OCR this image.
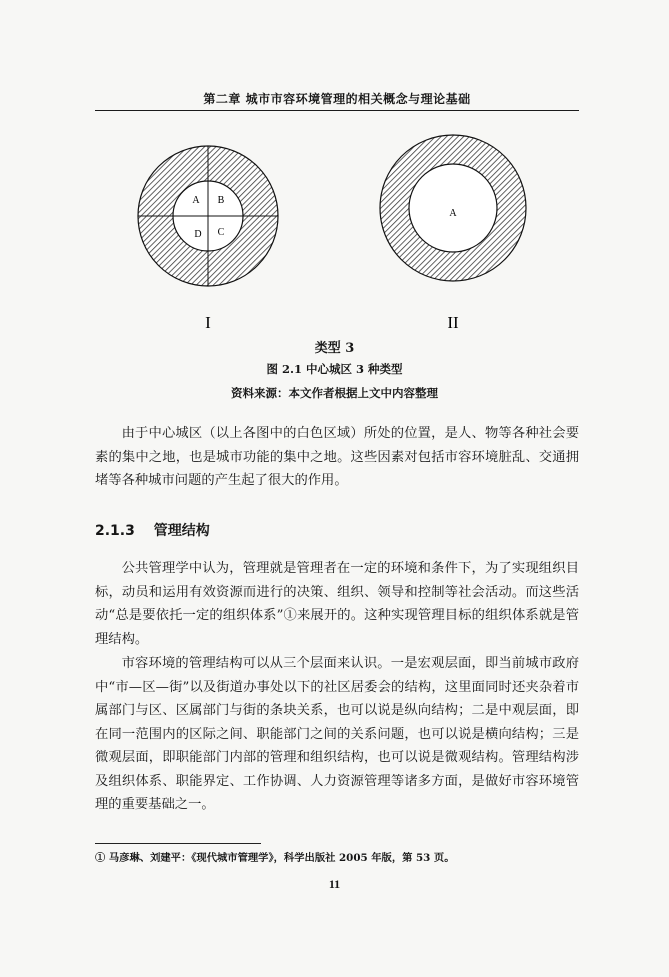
第二章 城市市容环境管理的相关概念与理论基础
A B
D C
I
A
II
类型 3
图 2.1 中心城区 3 种类型
资料来源：本文作者根据上文中内容整理

由于中心城区（以上各图中的白色区域）所处的位置，是人、物等各种社会要素的集中之地，也是城市功能的集中之地。这些因素对包括市容环境脏乱、交通拥堵等各种城市问题的产生起了很大的作用。

2.1.3 管理结构

公共管理学中认为，管理就是管理者在一定的环境和条件下，为了实现组织目标，动员和运用有效资源而进行的决策、组织、领导和控制等社会活动。而这些活动“总是要依托一定的组织体系”①来展开的。这种实现管理目标的组织体系就是管理结构。

市容环境的管理结构可以从三个层面来认识。一是宏观层面，即当前城市政府中“市—区—街”以及街道办事处以下的社区居委会的结构，这里面同时还夹杂着市属部门与区、区属部门与街的条块关系，也可以说是纵向结构；二是中观层面，即在同一范围内的区际之间、职能部门之间的关系问题，也可以说是横向结构；三是微观层面，即职能部门内部的管理和组织结构，也可以说是微观结构。管理结构涉及组织体系、职能界定、工作协调、人力资源管理等诸多方面，是做好市容环境管理的重要基础之一。

① 马彦琳、刘建平：《现代城市管理学》，科学出版社 2005 年版，第 53 页。
11
